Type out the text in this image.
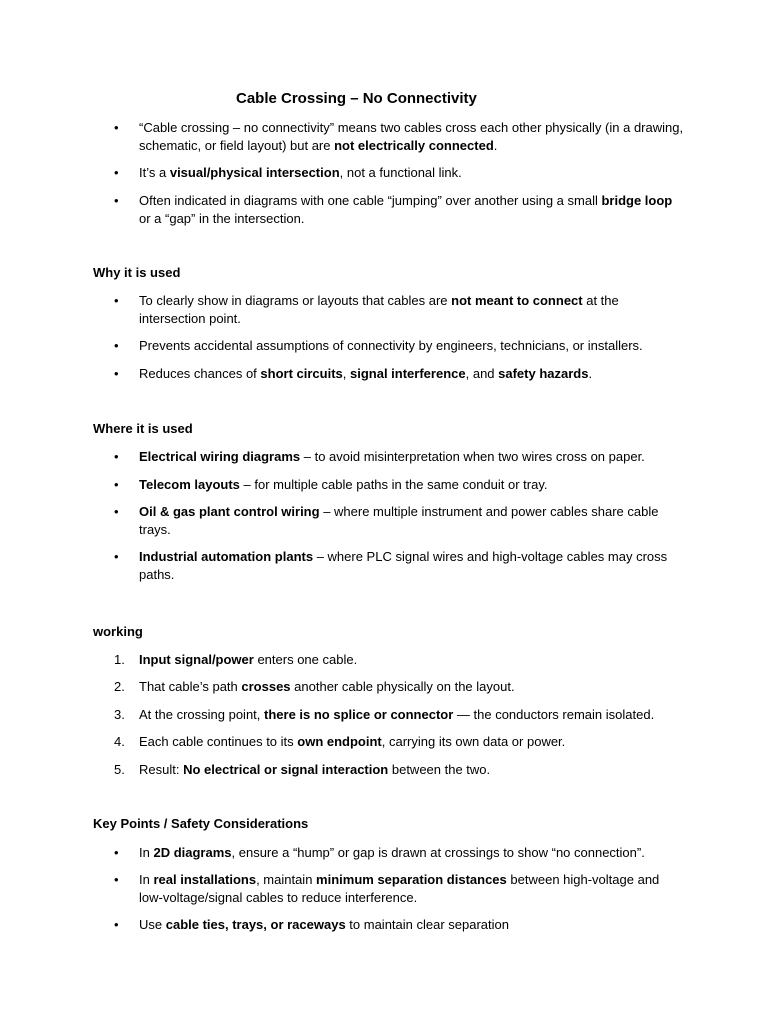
Cable Crossing – No Connectivity
•	“Cable crossing – no connectivity” means two cables cross each other physically (in a drawing, schematic, or field layout) but are not electrically connected.
•	It’s a visual/physical intersection, not a functional link.
•	Often indicated in diagrams with one cable “jumping” over another using a small bridge loop or a “gap” in the intersection.
Why it is used
•	To clearly show in diagrams or layouts that cables are not meant to connect at the intersection point.
•	Prevents accidental assumptions of connectivity by engineers, technicians, or installers.
•	Reduces chances of short circuits, signal interference, and safety hazards.
Where it is used
•	Electrical wiring diagrams – to avoid misinterpretation when two wires cross on paper.
•	Telecom layouts – for multiple cable paths in the same conduit or tray.
•	Oil & gas plant control wiring – where multiple instrument and power cables share cable trays.
•	Industrial automation plants – where PLC signal wires and high-voltage cables may cross paths.
working
1.	Input signal/power enters one cable.
2.	That cable’s path crosses another cable physically on the layout.
3.	At the crossing point, there is no splice or connector — the conductors remain isolated.
4.	Each cable continues to its own endpoint, carrying its own data or power.
5.	Result: No electrical or signal interaction between the two.
Key Points / Safety Considerations
•	In 2D diagrams, ensure a “hump” or gap is drawn at crossings to show “no connection”.
•	In real installations, maintain minimum separation distances between high-voltage and low-voltage/signal cables to reduce interference.
•	Use cable ties, trays, or raceways to maintain clear separation
